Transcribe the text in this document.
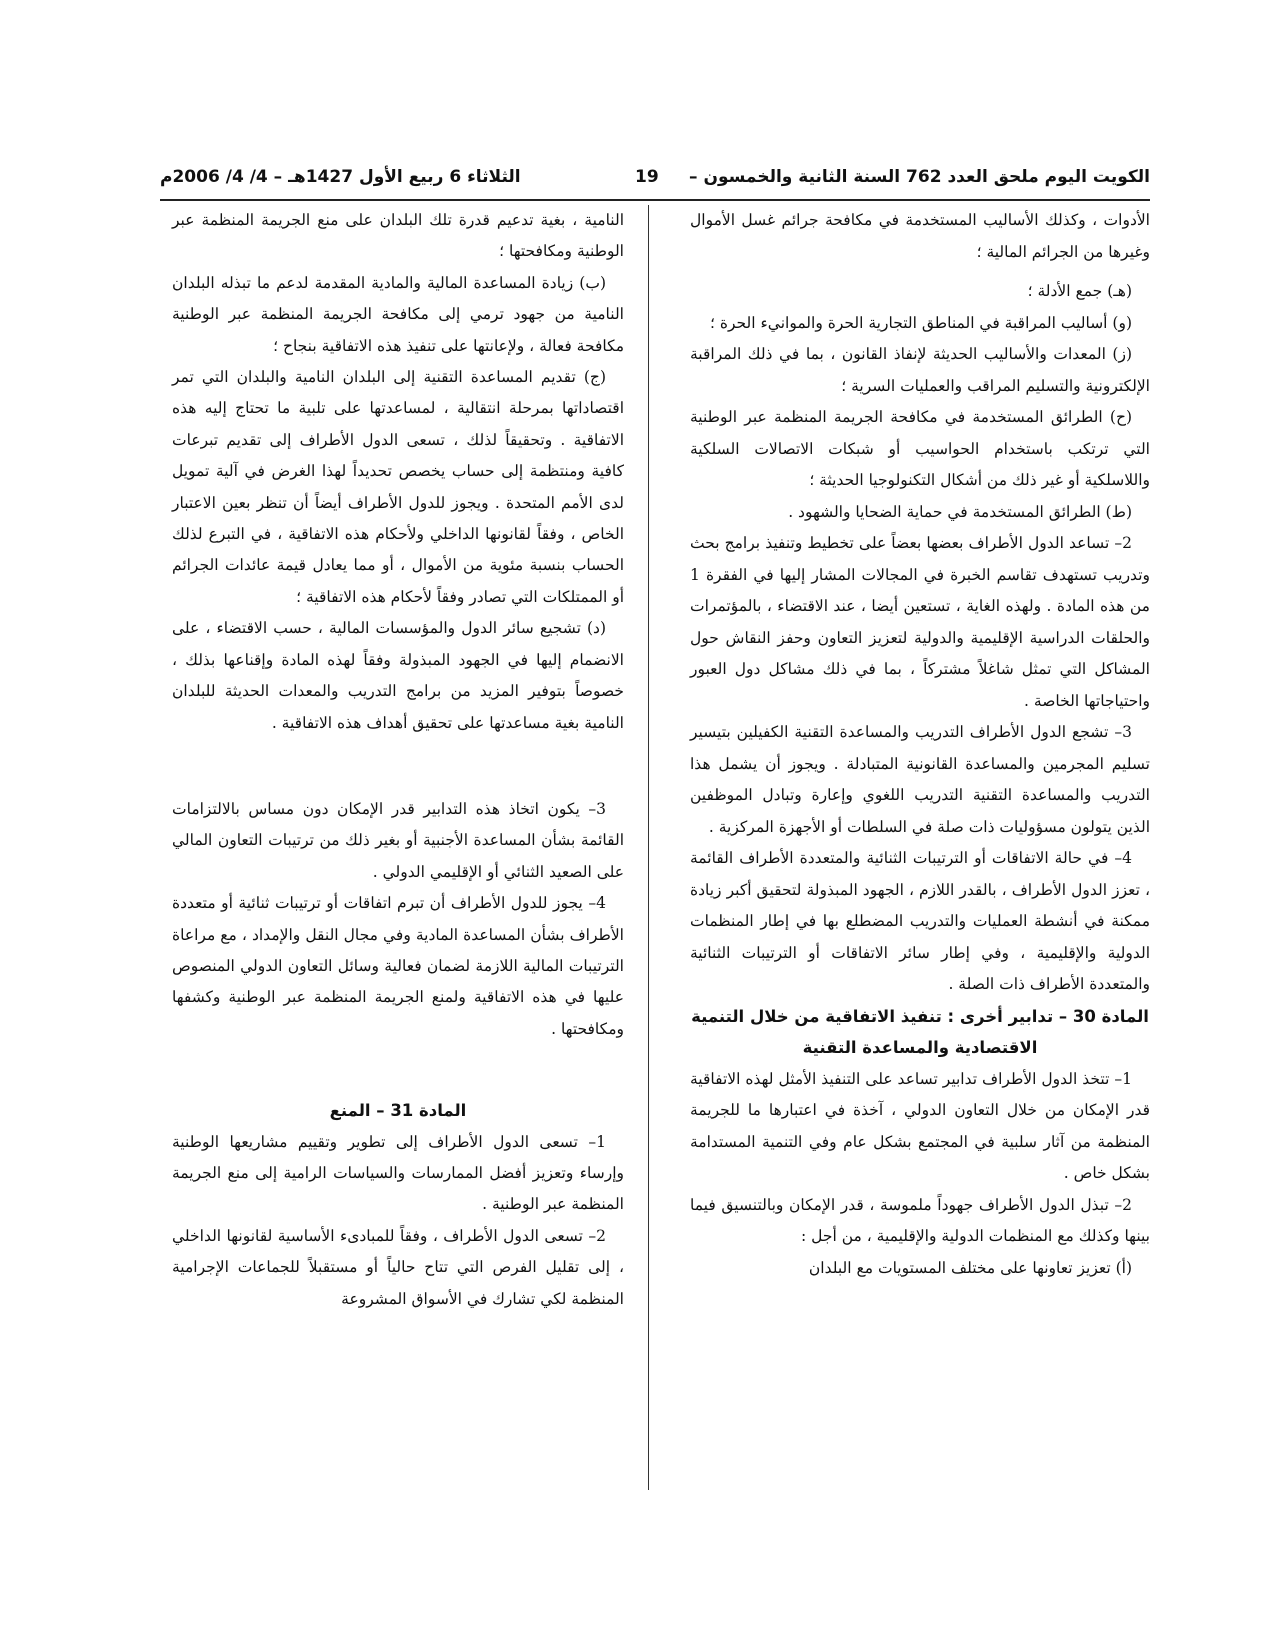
الكويت اليوم ملحق العدد 762 السنة الثانية والخمسون –
19
الثلاثاء 6 ربيع الأول 1427هـ – 4/ 4/ 2006م

الأدوات ، وكذلك الأساليب المستخدمة في مكافحة جرائم غسل الأموال وغيرها من الجرائم المالية ؛

(هـ) جمع الأدلة ؛

(و) أساليب المراقبة في المناطق التجارية الحرة والموانيء الحرة ؛

(ز) المعدات والأساليب الحديثة لإنفاذ القانون ، بما في ذلك المراقبة الإلكترونية والتسليم المراقب والعمليات السرية ؛

(ح) الطرائق المستخدمة في مكافحة الجريمة المنظمة عبر الوطنية التي ترتكب باستخدام الحواسيب أو شبكات الاتصالات السلكية واللاسلكية أو غير ذلك من أشكال التكنولوجيا الحديثة ؛

(ط) الطرائق المستخدمة في حماية الضحايا والشهود .

2– تساعد الدول الأطراف بعضها بعضاً على تخطيط وتنفيذ برامج بحث وتدريب تستهدف تقاسم الخبرة في المجالات المشار إليها في الفقرة 1 من هذه المادة . ولهذه الغاية ، تستعين أيضا ، عند الاقتضاء ، بالمؤتمرات والحلقات الدراسية الإقليمية والدولية لتعزيز التعاون وحفز النقاش حول المشاكل التي تمثل شاغلاً مشتركاً ، بما في ذلك مشاكل دول العبور واحتياجاتها الخاصة .

3– تشجع الدول الأطراف التدريب والمساعدة التقنية الكفيلين بتيسير تسليم المجرمين والمساعدة القانونية المتبادلة . ويجوز أن يشمل هذا التدريب والمساعدة التقنية التدريب اللغوي وإعارة وتبادل الموظفين الذين يتولون مسؤوليات ذات صلة في السلطات أو الأجهزة المركزية .

4– في حالة الاتفاقات أو الترتيبات الثنائية والمتعددة الأطراف القائمة ، تعزز الدول الأطراف ، بالقدر اللازم ، الجهود المبذولة لتحقيق أكبر زيادة ممكنة في أنشطة العمليات والتدريب المضطلع بها في إطار المنظمات الدولية والإقليمية ، وفي إطار سائر الاتفاقات أو الترتيبات الثنائية والمتعددة الأطراف ذات الصلة .

المادة 30 – تدابير أخرى : تنفيذ الاتفاقية من خلال التنمية الاقتصادية والمساعدة التقنية

1– تتخذ الدول الأطراف تدابير تساعد على التنفيذ الأمثل لهذه الاتفاقية قدر الإمكان من خلال التعاون الدولي ، آخذة في اعتبارها ما للجريمة المنظمة من آثار سلبية في المجتمع بشكل عام وفي التنمية المستدامة بشكل خاص .

2– تبذل الدول الأطراف جهوداً ملموسة ، قدر الإمكان وبالتنسيق فيما بينها وكذلك مع المنظمات الدولية والإقليمية ، من أجل :

(أ) تعزيز تعاونها على مختلف المستويات مع البلدان

النامية ، بغية تدعيم قدرة تلك البلدان على منع الجريمة المنظمة عبر الوطنية ومكافحتها ؛

(ب) زيادة المساعدة المالية والمادية المقدمة لدعم ما تبذله البلدان النامية من جهود ترمي إلى مكافحة الجريمة المنظمة عبر الوطنية مكافحة فعالة ، ولإعانتها على تنفيذ هذه الاتفاقية بنجاح ؛

(ج) تقديم المساعدة التقنية إلى البلدان النامية والبلدان التي تمر اقتصاداتها بمرحلة انتقالية ، لمساعدتها على تلبية ما تحتاج إليه هذه الاتفاقية . وتحقيقاً لذلك ، تسعى الدول الأطراف إلى تقديم تبرعات كافية ومنتظمة إلى حساب يخصص تحديداً لهذا الغرض في آلية تمويل لدى الأمم المتحدة . ويجوز للدول الأطراف أيضاً أن تنظر بعين الاعتبار الخاص ، وفقاً لقانونها الداخلي ولأحكام هذه الاتفاقية ، في التبرع لذلك الحساب بنسبة مئوية من الأموال ، أو مما يعادل قيمة عائدات الجرائم أو الممتلكات التي تصادر وفقاً لأحكام هذه الاتفاقية ؛

(د) تشجيع سائر الدول والمؤسسات المالية ، حسب الاقتضاء ، على الانضمام إليها في الجهود المبذولة وفقاً لهذه المادة وإقناعها بذلك ، خصوصاً بتوفير المزيد من برامج التدريب والمعدات الحديثة للبلدان النامية بغية مساعدتها على تحقيق أهداف هذه الاتفاقية .

3– يكون اتخاذ هذه التدابير قدر الإمكان دون مساس بالالتزامات القائمة بشأن المساعدة الأجنبية أو بغير ذلك من ترتيبات التعاون المالي على الصعيد الثنائي أو الإقليمي الدولي .

4– يجوز للدول الأطراف أن تبرم اتفاقات أو ترتيبات ثنائية أو متعددة الأطراف بشأن المساعدة المادية وفي مجال النقل والإمداد ، مع مراعاة الترتيبات المالية اللازمة لضمان فعالية وسائل التعاون الدولي المنصوص عليها في هذه الاتفاقية ولمنع الجريمة المنظمة عبر الوطنية وكشفها ومكافحتها .

المادة 31 – المنع

1– تسعى الدول الأطراف إلى تطوير وتقييم مشاريعها الوطنية وإرساء وتعزيز أفضل الممارسات والسياسات الرامية إلى منع الجريمة المنظمة عبر الوطنية .

2– تسعى الدول الأطراف ، وفقاً للمبادىء الأساسية لقانونها الداخلي ، إلى تقليل الفرص التي تتاح حالياً أو مستقبلاً للجماعات الإجرامية المنظمة لكي تشارك في الأسواق المشروعة
